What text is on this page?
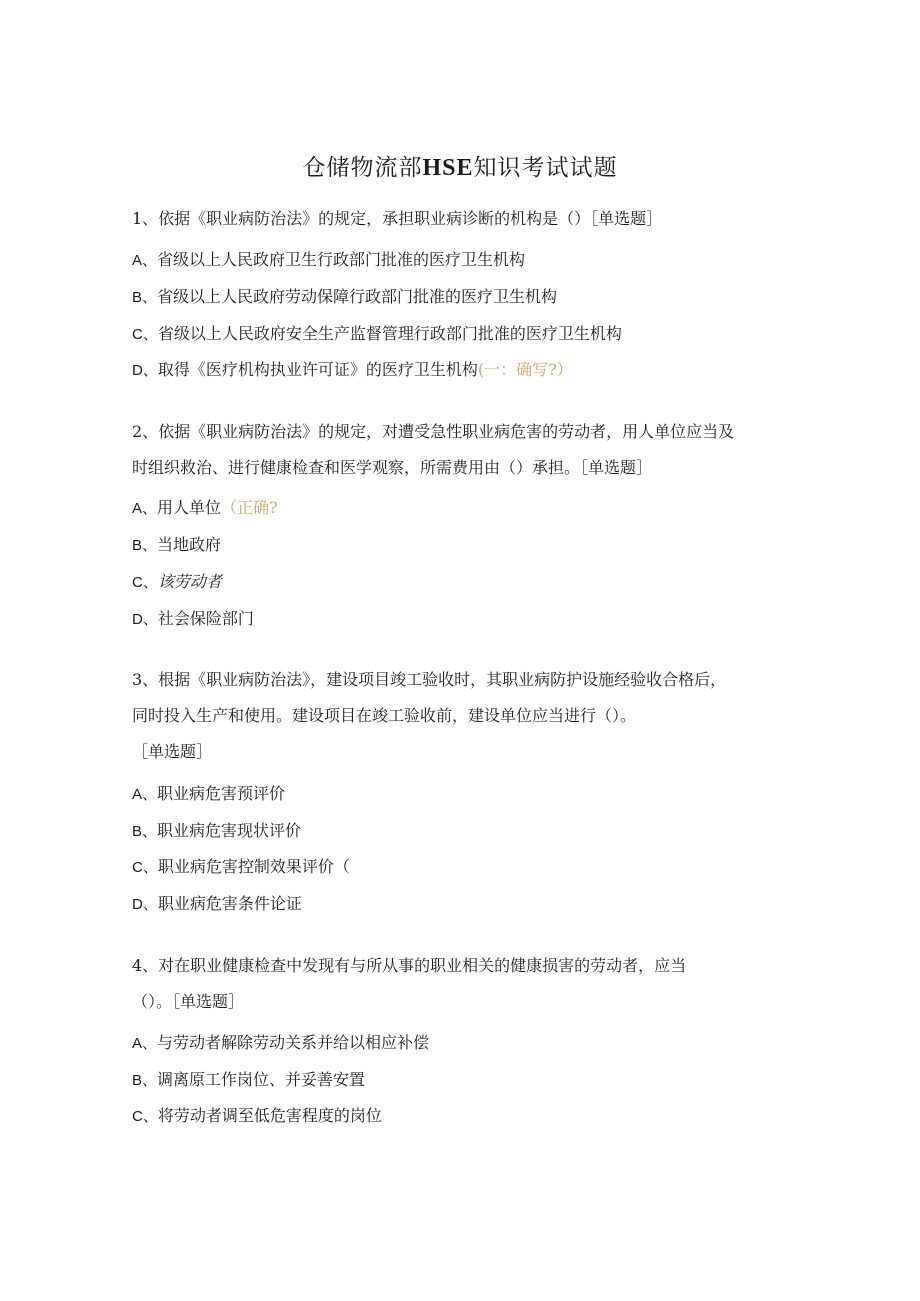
仓储物流部HSE知识考试试题
1、依据《职业病防治法》的规定，承担职业病诊断的机构是（）［单选题］
A、省级以上人民政府卫生行政部门批准的医疗卫生机构
B、省级以上人民政府劳动保障行政部门批准的医疗卫生机构
C、省级以上人民政府安全生产监督管理行政部门批准的医疗卫生机构
D、取得《医疗机构执业许可证》的医疗卫生机构(一：确写?）
2、依据《职业病防治法》的规定，对遭受急性职业病危害的劳动者，用人单位应当及
时组织救治、进行健康检查和医学观察，所需费用由（）承担。［单选题］
A、用人单位（正确?
B、当地政府
C、该劳动者
D、社会保险部门
3、根据《职业病防治法》，建设项目竣工验收时，其职业病防护设施经验收合格后，
同时投入生产和使用。建设项目在竣工验收前，建设单位应当进行（）。
［单选题］
A、职业病危害预评价
B、职业病危害现状评价
C、职业病危害控制效果评价（
D、职业病危害条件论证
4、对在职业健康检查中发现有与所从事的职业相关的健康损害的劳动者，应当
（）。［单选题］
A、与劳动者解除劳动关系并给以相应补偿
B、调离原工作岗位、并妥善安置
C、将劳动者调至低危害程度的岗位
